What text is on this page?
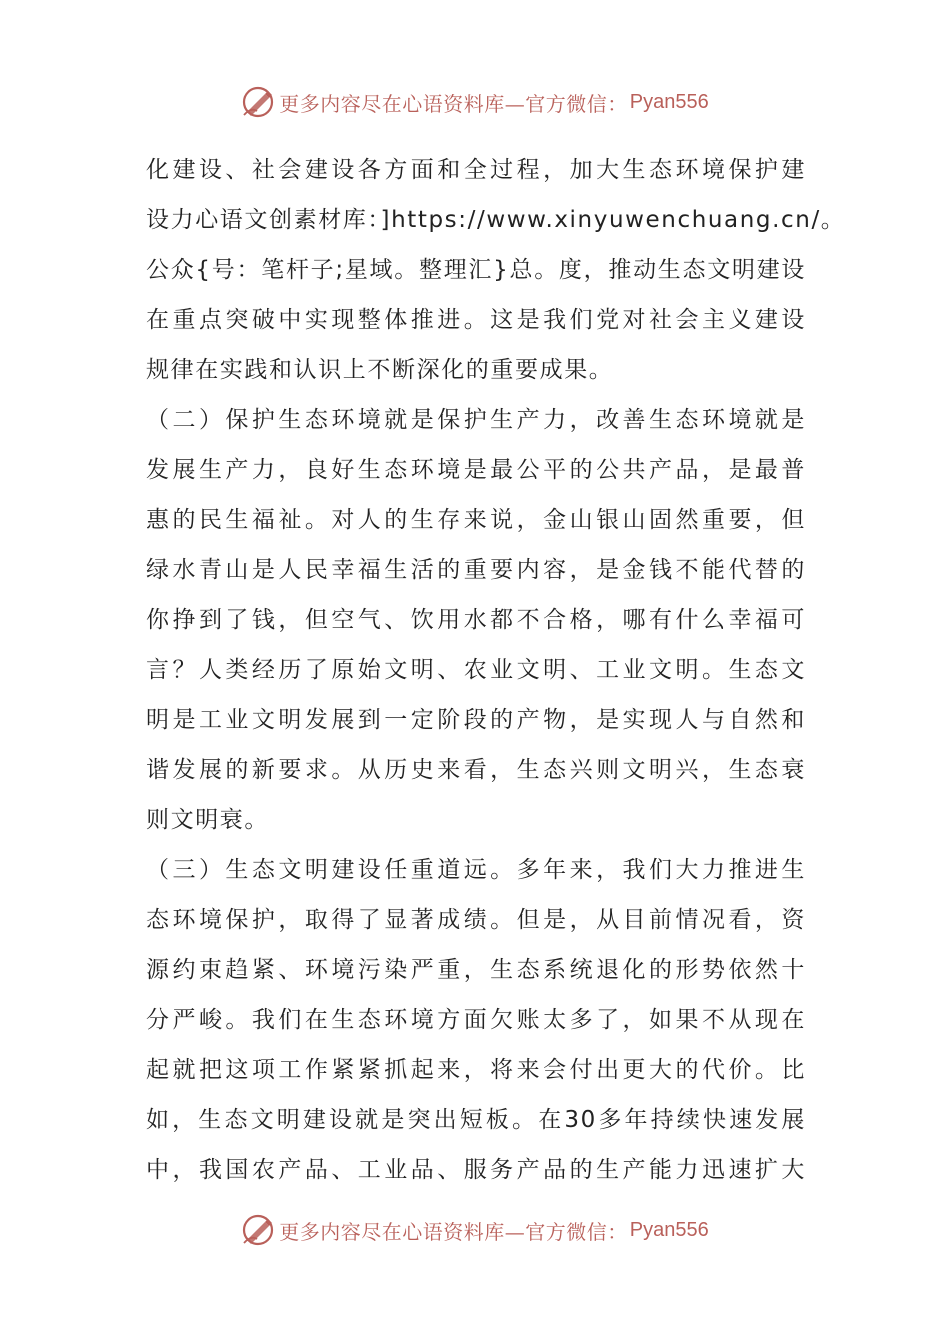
更多内容尽在心语资料库—官方微信： Pyan556
化建设、社会建设各方面和全过程，加大生态环境保护建
设力心语文创素材库：]https://www.xinyuwenchuang.cn/。
公众{号：笔杆子;星域。整理汇}总。度，推动生态文明建设
在重点突破中实现整体推进。这是我们党对社会主义建设
规律在实践和认识上不断深化的重要成果。
（二）保护生态环境就是保护生产力，改善生态环境就是
发展生产力，良好生态环境是最公平的公共产品，是最普
惠的民生福祉。对人的生存来说，金山银山固然重要，但
绿水青山是人民幸福生活的重要内容，是金钱不能代替的
你挣到了钱，但空气、饮用水都不合格，哪有什么幸福可
言？人类经历了原始文明、农业文明、工业文明。生态文
明是工业文明发展到一定阶段的产物，是实现人与自然和
谐发展的新要求。从历史来看，生态兴则文明兴，生态衰
则文明衰。
（三）生态文明建设任重道远。多年来，我们大力推进生
态环境保护，取得了显著成绩。但是，从目前情况看，资
源约束趋紧、环境污染严重，生态系统退化的形势依然十
分严峻。我们在生态环境方面欠账太多了，如果不从现在
起就把这项工作紧紧抓起来，将来会付出更大的代价。比
如，生态文明建设就是突出短板。在30多年持续快速发展
中，我国农产品、工业品、服务产品的生产能力迅速扩大
更多内容尽在心语资料库—官方微信： Pyan556
